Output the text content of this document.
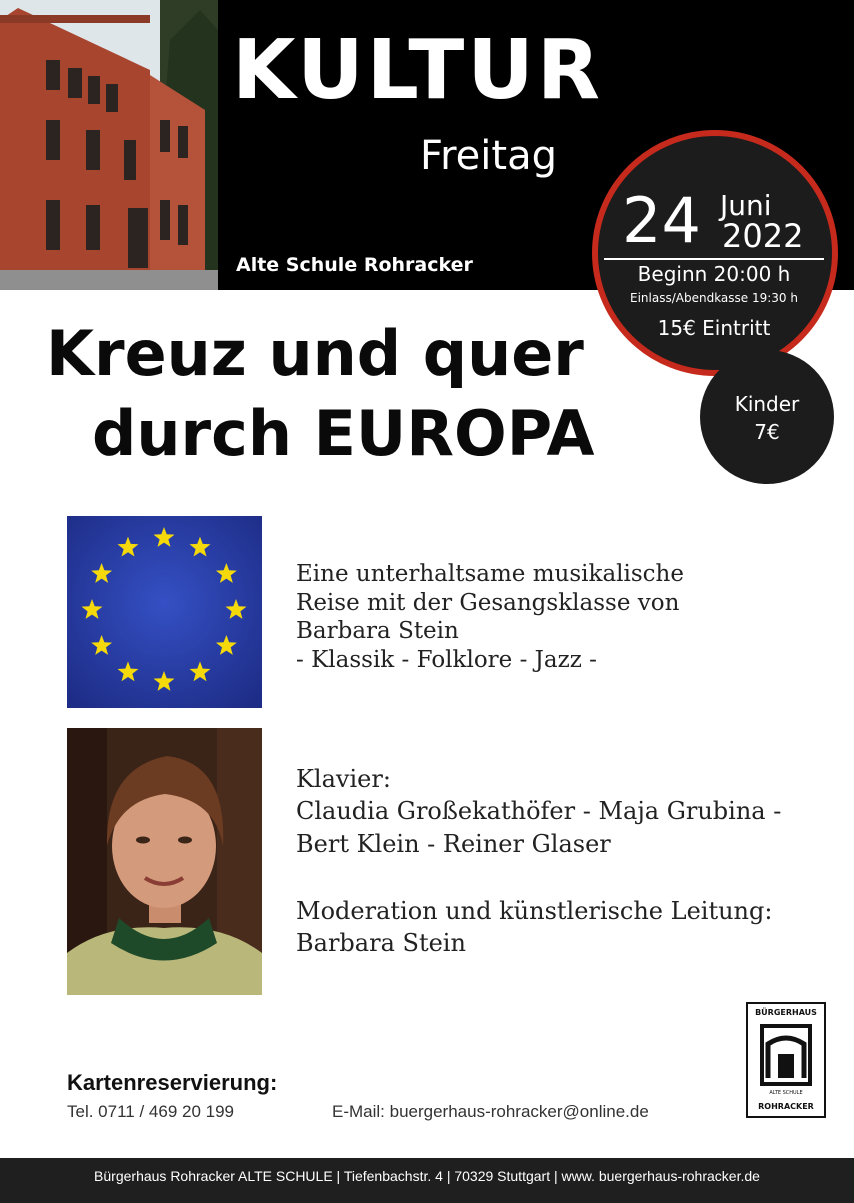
KULTUR
Freitag
Alte Schule Rohracker
24 Juni
2022
Beginn 20:00 h
Einlass/Abendkasse 19:30 h
15€ Eintritt
Kinder
7€
Kreuz und quer
durch EUROPA
Eine unterhaltsame musikalische
Reise mit der Gesangsklasse von
Barbara Stein
- Klassik - Folklore - Jazz -
Klavier:
Claudia Großekathöfer - Maja Grubina -
Bert Klein - Reiner Glaser
Moderation und künstlerische Leitung:
Barbara Stein
BÜRGERHAUS
ALTE SCHULE
ROHRACKER
Kartenreservierung:
Tel. 0711 / 469 20 199	E-Mail: buergerhaus-rohracker@online.de
Bürgerhaus Rohracker ALTE SCHULE | Tiefenbachstr. 4 | 70329 Stuttgart | www. buergerhaus-rohracker.de
